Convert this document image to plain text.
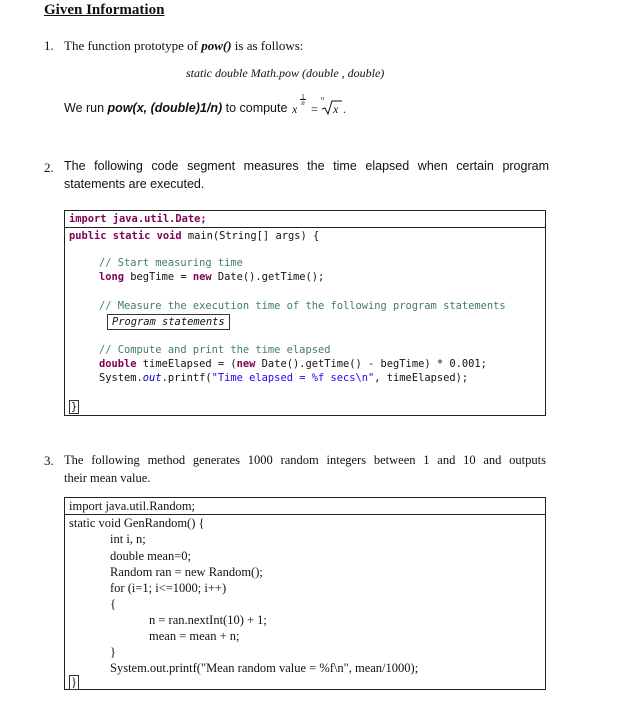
Given Information
1. The function prototype of pow() is as follows:
static double Math.pow (double , double)
We run pow(x, (double)1/n) to compute x
1
n =
n
x .
2. The following code segment measures the time elapsed when certain program
statements are executed.
import java.util.Date;
public static void main(String[] args) {
// Start measuring time
long begTime = new Date().getTime();
// Measure the execution time of the following program statements
Program statements
// Compute and print the time elapsed
double timeElapsed = (new Date().getTime() - begTime) * 0.001;
System.out.printf("Time elapsed = %f secs\n", timeElapsed);
}
3. The following method generates 1000 random integers between 1 and 10 and outputs
their mean value.
import java.util.Random;
static void GenRandom() {
int i, n;
double mean=0;
Random ran = new Random();
for (i=1; i<=1000; i++)
{
n = ran.nextInt(10) + 1;
mean = mean + n;
}
System.out.printf("Mean random value = %f\n", mean/1000);
}
